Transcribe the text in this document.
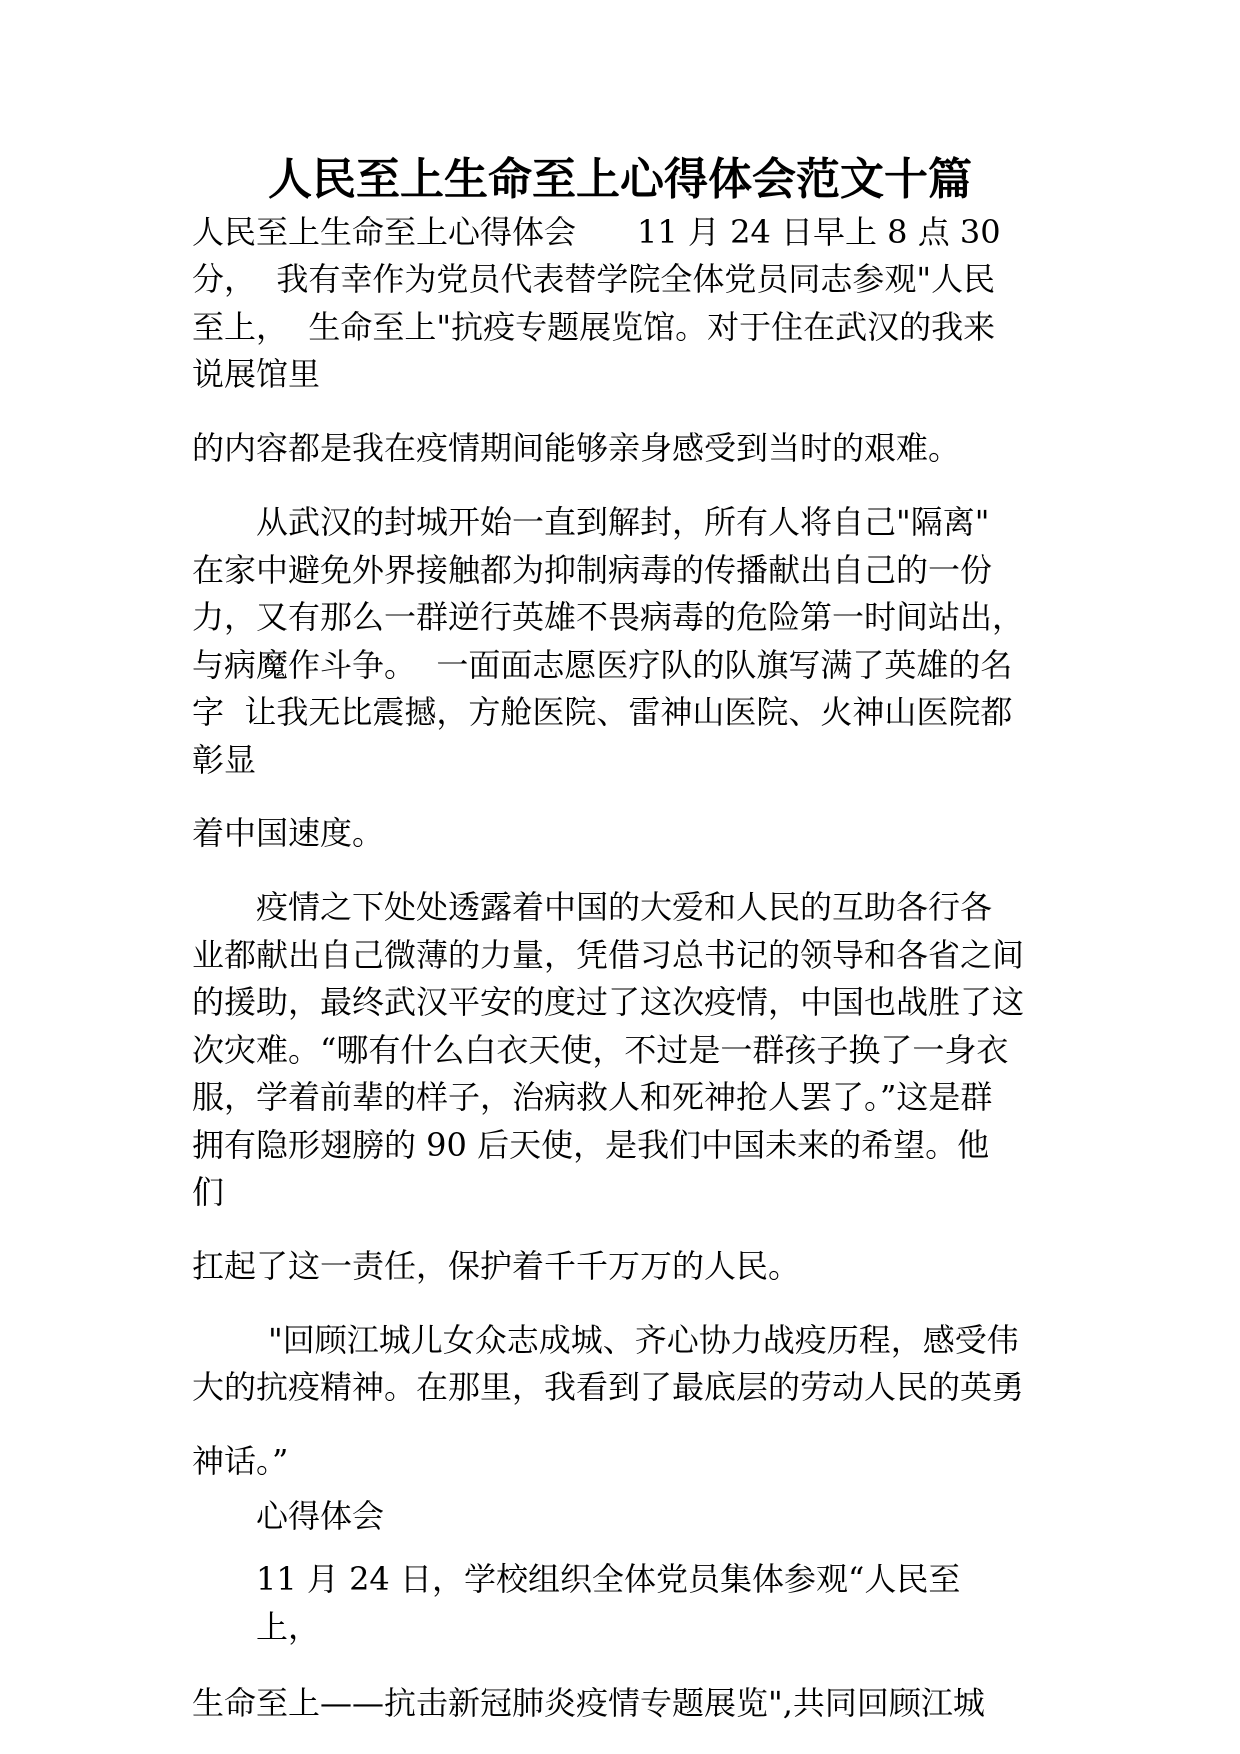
人民至上生命至上心得体会范文十篇
人民至上生命至上心得体会      11 月 24 日早上 8 点 30
分，  我有幸作为党员代表替学院全体党员同志参观"人民
至上，  生命至上"抗疫专题展览馆。对于住在武汉的我来
说展馆里
的内容都是我在疫情期间能够亲身感受到当时的艰难。
从武汉的封城开始一直到解封，所有人将自己"隔离"
在家中避免外界接触都为抑制病毒的传播献出自己的一份
力，又有那么一群逆行英雄不畏病毒的危险第一时间站出，
与病魔作斗争。  一面面志愿医疗队的队旗写满了英雄的名
字  让我无比震撼，方舱医院、雷神山医院、火神山医院都
彰显
着中国速度。
疫情之下处处透露着中国的大爱和人民的互助各行各
业都献出自己微薄的力量，凭借习总书记的领导和各省之间
的援助，最终武汉平安的度过了这次疫情，中国也战胜了这
次灾难。“哪有什么白衣天使，不过是一群孩子换了一身衣
服，学着前辈的样子，治病救人和死神抢人罢了。”这是群
拥有隐形翅膀的 90 后天使，是我们中国未来的希望。他
们
扛起了这一责任，保护着千千万万的人民。
"回顾江城儿女众志成城、齐心协力战疫历程，感受伟
大的抗疫精神。在那里，我看到了最底层的劳动人民的英勇
神话。”
心得体会
11 月 24 日，学校组织全体党员集体参观“人民至
上，
生命至上——抗击新冠肺炎疫情专题展览",共同回顾江城
